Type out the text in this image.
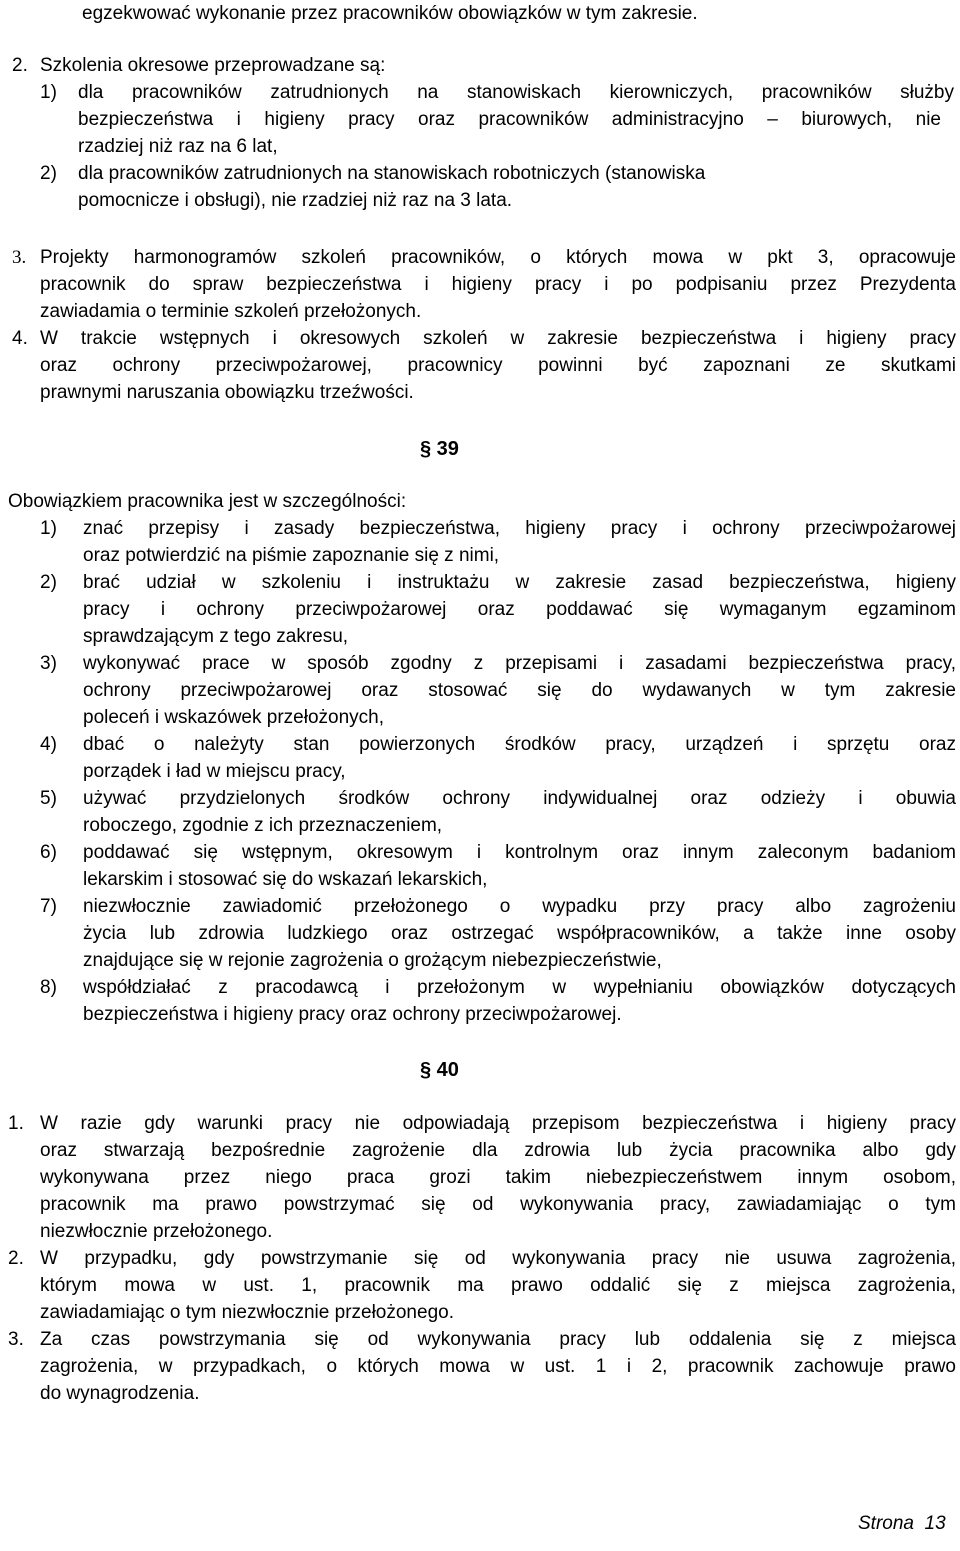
egzekwować wykonanie przez pracowników obowiązków w tym zakresie.
2. Szkolenia okresowe przeprowadzane są:
1) dla pracowników zatrudnionych na stanowiskach kierowniczych, pracowników służby
bezpieczeństwa i higieny pracy oraz pracowników administracyjno – biurowych, nie
rzadziej niż raz na 6 lat,
2) dla pracowników zatrudnionych na stanowiskach robotniczych (stanowiska
pomocnicze i obsługi), nie rzadziej niż raz na 3 lata.
3. Projekty harmonogramów szkoleń pracowników, o których mowa w pkt 3, opracowuje
pracownik do spraw bezpieczeństwa i higieny pracy i po podpisaniu przez Prezydenta
zawiadamia o terminie szkoleń przełożonych.
4. W trakcie wstępnych i okresowych szkoleń w zakresie bezpieczeństwa i higieny pracy
oraz ochrony przeciwpożarowej, pracownicy powinni być zapoznani ze skutkami
prawnymi naruszania obowiązku trzeźwości.
§ 39
Obowiązkiem pracownika jest w szczególności:
1) znać przepisy i zasady bezpieczeństwa, higieny pracy i ochrony przeciwpożarowej
oraz potwierdzić na piśmie zapoznanie się z nimi,
2) brać udział w szkoleniu i instruktażu w zakresie zasad bezpieczeństwa, higieny
pracy i ochrony przeciwpożarowej oraz poddawać się wymaganym egzaminom
sprawdzającym z tego zakresu,
3) wykonywać prace w sposób zgodny z przepisami i zasadami bezpieczeństwa pracy,
ochrony przeciwpożarowej oraz stosować się do wydawanych w tym zakresie
poleceń i wskazówek przełożonych,
4) dbać o należyty stan powierzonych środków pracy, urządzeń i sprzętu oraz
porządek i ład w miejscu pracy,
5) używać przydzielonych środków ochrony indywidualnej oraz odzieży i obuwia
roboczego, zgodnie z ich przeznaczeniem,
6) poddawać się wstępnym, okresowym i kontrolnym oraz innym zaleconym badaniom
lekarskim i stosować się do wskazań lekarskich,
7) niezwłocznie zawiadomić przełożonego o wypadku przy pracy albo zagrożeniu
życia lub zdrowia ludzkiego oraz ostrzegać współpracowników, a także inne osoby
znajdujące się w rejonie zagrożenia o grożącym niebezpieczeństwie,
8) współdziałać z pracodawcą i przełożonym w wypełnianiu obowiązków dotyczących
bezpieczeństwa i higieny pracy oraz ochrony przeciwpożarowej.
§ 40
1. W razie gdy warunki pracy nie odpowiadają przepisom bezpieczeństwa i higieny pracy
oraz stwarzają bezpośrednie zagrożenie dla zdrowia lub życia pracownika albo gdy
wykonywana przez niego praca grozi takim niebezpieczeństwem innym osobom,
pracownik ma prawo powstrzymać się od wykonywania pracy, zawiadamiając o tym
niezwłocznie przełożonego.
2. W przypadku, gdy powstrzymanie się od wykonywania pracy nie usuwa zagrożenia,
którym mowa w ust. 1, pracownik ma prawo oddalić się z miejsca zagrożenia,
zawiadamiając o tym niezwłocznie przełożonego.
3. Za czas powstrzymania się od wykonywania pracy lub oddalenia się z miejsca
zagrożenia, w przypadkach, o których mowa w ust. 1 i 2, pracownik zachowuje prawo
do wynagrodzenia.
Strona 13
